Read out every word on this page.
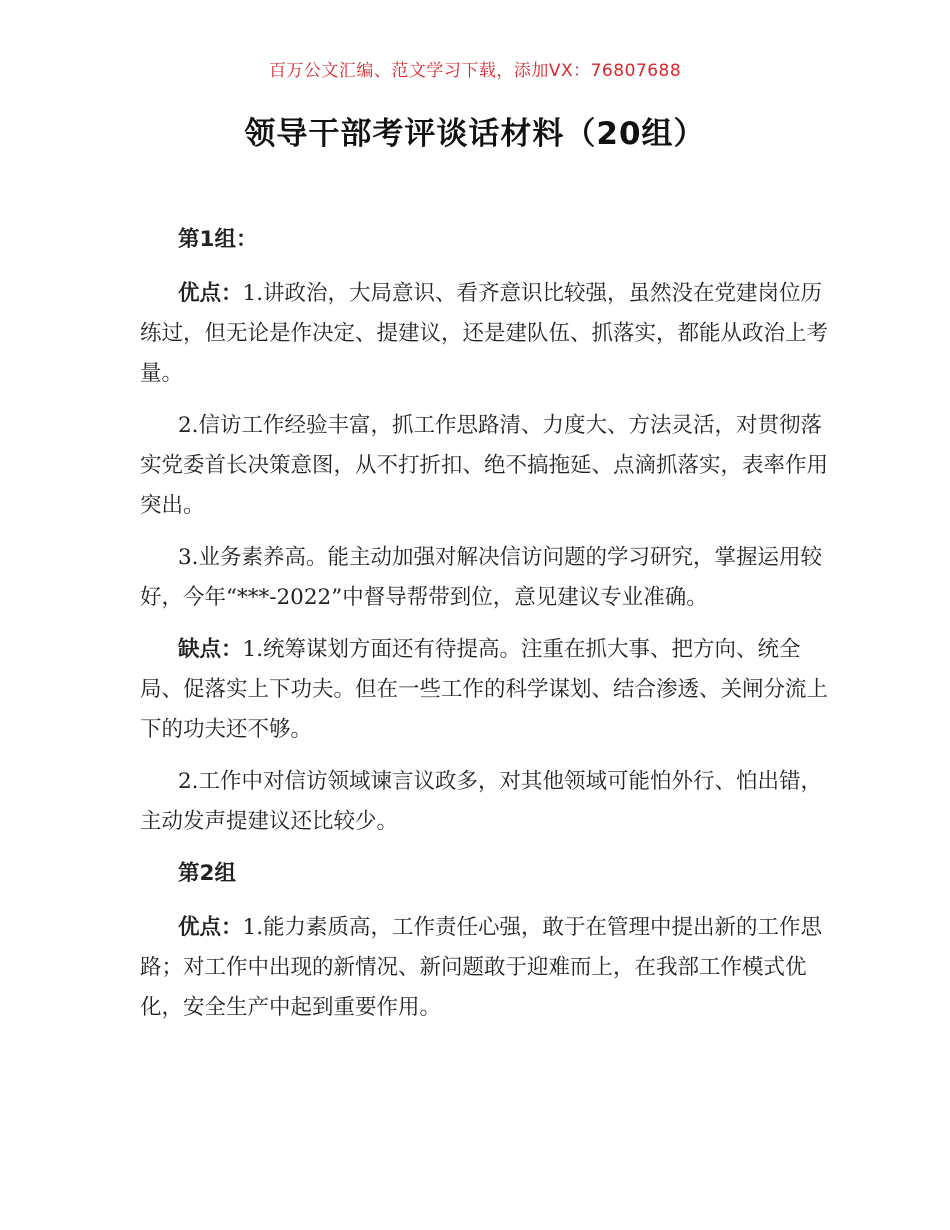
百万公文汇编、范文学习下载，添加VX：76807688
领导干部考评谈话材料（20组）

第1组：

优点：1.讲政治，大局意识、看齐意识比较强，虽然没在党建岗位历练过，但无论是作决定、提建议，还是建队伍、抓落实，都能从政治上考量。

2.信访工作经验丰富，抓工作思路清、力度大、方法灵活，对贯彻落实党委首长决策意图，从不打折扣、绝不搞拖延、点滴抓落实，表率作用突出。

3.业务素养高。能主动加强对解决信访问题的学习研究，掌握运用较好，今年“***-2022”中督导帮带到位，意见建议专业准确。

缺点：1.统筹谋划方面还有待提高。注重在抓大事、把方向、统全局、促落实上下功夫。但在一些工作的科学谋划、结合渗透、关闸分流上下的功夫还不够。

2.工作中对信访领域谏言议政多，对其他领域可能怕外行、怕出错，主动发声提建议还比较少。

第2组

优点：1.能力素质高，工作责任心强，敢于在管理中提出新的工作思路；对工作中出现的新情况、新问题敢于迎难而上，在我部工作模式优化，安全生产中起到重要作用。
